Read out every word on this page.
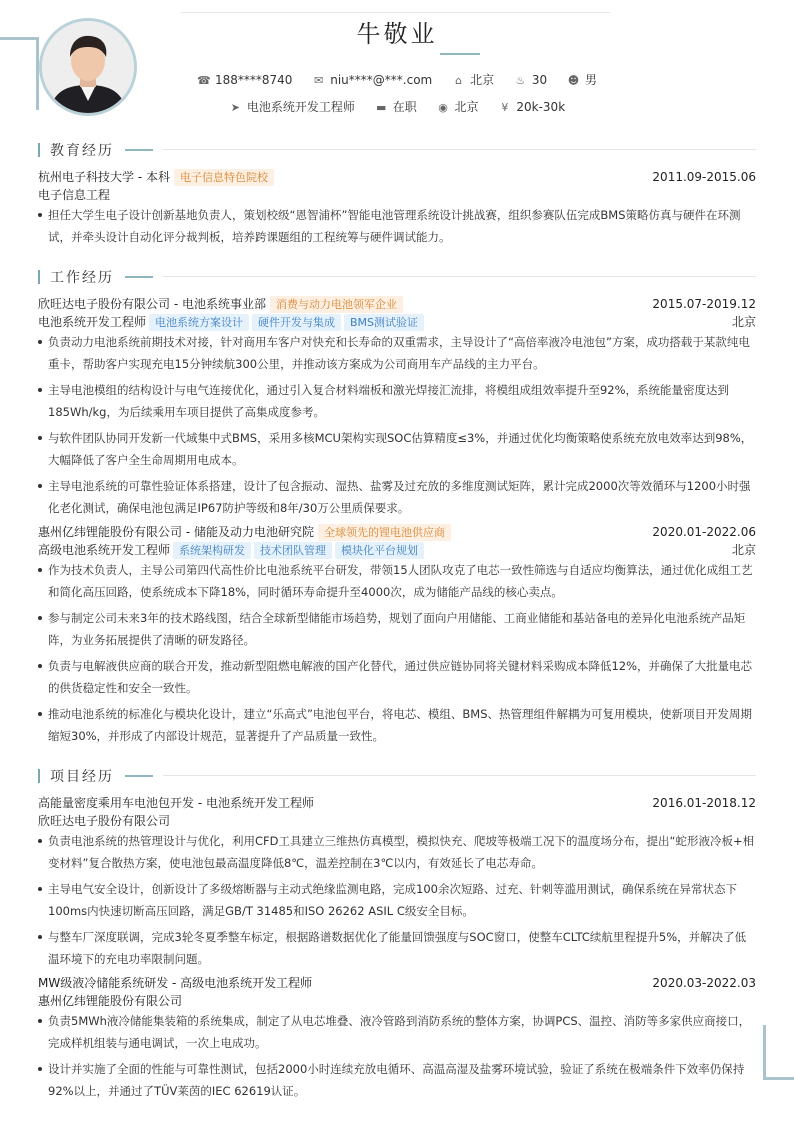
牛敬业
☎ 188****8740 ✉ niu****@***.com ⌂ 北京 ♨ 30 ☻ 男
➤ 电池系统开发工程师 ▬ 在职 ◉ 北京 ¥ 20k-30k
教育经历
杭州电子科技大学 - 本科 电子信息特色院校	2011.09-2015.06
电子信息工程
担任大学生电子设计创新基地负责人，策划校级“恩智浦杯”智能电池管理系统设计挑战赛，组织参赛队伍完成BMS策略仿真与硬件在环测试，并牵头设计自动化评分裁判板，培养跨课题组的工程统筹与硬件调试能力。
工作经历
欣旺达电子股份有限公司 - 电池系统事业部 消费与动力电池领军企业	2015.07-2019.12
电池系统开发工程师 电池系统方案设计 硬件开发与集成 BMS测试验证	北京
负责动力电池系统前期技术对接，针对商用车客户对快充和长寿命的双重需求，主导设计了“高倍率液冷电池包”方案，成功搭载于某款纯电重卡，帮助客户实现充电15分钟续航300公里，并推动该方案成为公司商用车产品线的主力平台。
主导电池模组的结构设计与电气连接优化，通过引入复合材料端板和激光焊接汇流排，将模组成组效率提升至92%，系统能量密度达到185Wh/kg，为后续乘用车项目提供了高集成度参考。
与软件团队协同开发新一代域集中式BMS，采用多核MCU架构实现SOC估算精度≤3%，并通过优化均衡策略使系统充放电效率达到98%，大幅降低了客户全生命周期用电成本。
主导电池系统的可靠性验证体系搭建，设计了包含振动、湿热、盐雾及过充放的多维度测试矩阵，累计完成2000次等效循环与1200小时强化老化测试，确保电池包满足IP67防护等级和8年/30万公里质保要求。
惠州亿纬锂能股份有限公司 - 储能及动力电池研究院 全球领先的锂电池供应商	2020.01-2022.06
高级电池系统开发工程师 系统架构研发 技术团队管理 模块化平台规划	北京
作为技术负责人，主导公司第四代高性价比电池系统平台研发，带领15人团队攻克了电芯一致性筛选与自适应均衡算法，通过优化成组工艺和简化高压回路，使系统成本下降18%，同时循环寿命提升至4000次，成为储能产品线的核心卖点。
参与制定公司未来3年的技术路线图，结合全球新型储能市场趋势，规划了面向户用储能、工商业储能和基站备电的差异化电池系统产品矩阵，为业务拓展提供了清晰的研发路径。
负责与电解液供应商的联合开发，推动新型阻燃电解液的国产化替代，通过供应链协同将关键材料采购成本降低12%，并确保了大批量电芯的供货稳定性和安全一致性。
推动电池系统的标准化与模块化设计，建立“乐高式”电池包平台，将电芯、模组、BMS、热管理组件解耦为可复用模块，使新项目开发周期缩短30%，并形成了内部设计规范，显著提升了产品质量一致性。
项目经历
高能量密度乘用车电池包开发 - 电池系统开发工程师	2016.01-2018.12
欣旺达电子股份有限公司
负责电池系统的热管理设计与优化，利用CFD工具建立三维热仿真模型，模拟快充、爬坡等极端工况下的温度场分布，提出“蛇形液冷板+相变材料”复合散热方案，使电池包最高温度降低8℃，温差控制在3℃以内，有效延长了电芯寿命。
主导电气安全设计，创新设计了多级熔断器与主动式绝缘监测电路，完成100余次短路、过充、针刺等滥用测试，确保系统在异常状态下100ms内快速切断高压回路，满足GB/T 31485和ISO 26262 ASIL C级安全目标。
与整车厂深度联调，完成3轮冬夏季整车标定，根据路谱数据优化了能量回馈强度与SOC窗口，使整车CLTC续航里程提升5%，并解决了低温环境下的充电功率限制问题。
MW级液冷储能系统研发 - 高级电池系统开发工程师	2020.03-2022.03
惠州亿纬锂能股份有限公司
负责5MWh液冷储能集装箱的系统集成，制定了从电芯堆叠、液冷管路到消防系统的整体方案，协调PCS、温控、消防等多家供应商接口，完成样机组装与通电调试，一次上电成功。
设计并实施了全面的性能与可靠性测试，包括2000小时连续充放电循环、高温高湿及盐雾环境试验，验证了系统在极端条件下效率仍保持92%以上，并通过了TÜV莱茵的IEC 62619认证。
